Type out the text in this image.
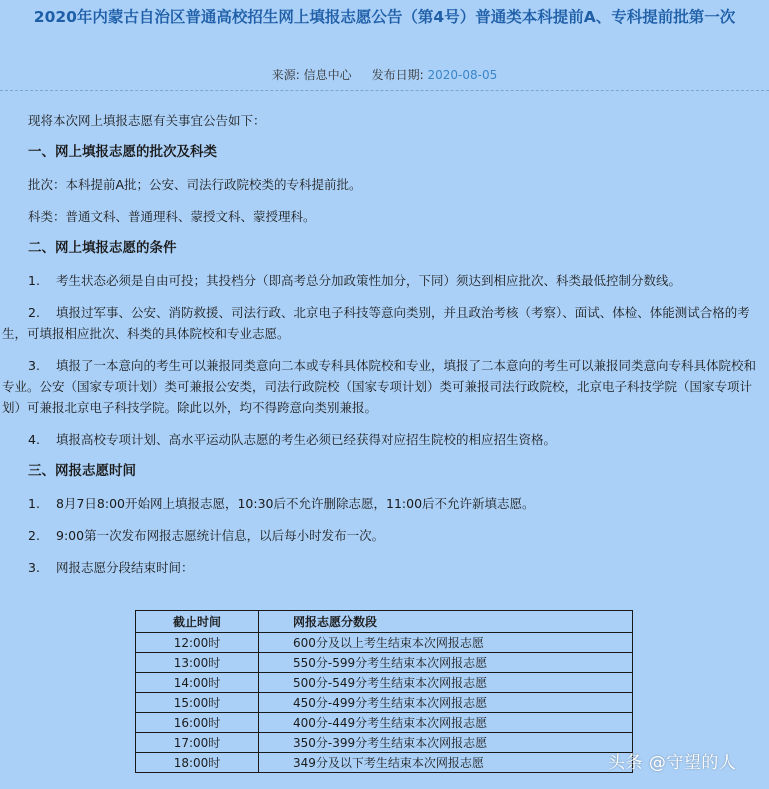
2020年内蒙古自治区普通高校招生网上填报志愿公告（第4号）普通类本科提前A、专科提前批第一次
来源: 信息中心 发布日期: 2020-08-05
现将本次网上填报志愿有关事宜公告如下：
一、网上填报志愿的批次及科类
批次：本科提前A批；公安、司法行政院校类的专科提前批。
科类：普通文科、普通理科、蒙授文科、蒙授理科。
二、网上填报志愿的条件
1. 考生状态必须是自由可投；其投档分（即高考总分加政策性加分，下同）须达到相应批次、科类最低控制分数线。
2. 填报过军事、公安、消防救援、司法行政、北京电子科技等意向类别，并且政治考核（考察）、面试、体检、体能测试合格的考生，可填报相应批次、科类的具体院校和专业志愿。
3. 填报了一本意向的考生可以兼报同类意向二本或专科具体院校和专业，填报了二本意向的考生可以兼报同类意向专科具体院校和专业。公安（国家专项计划）类可兼报公安类，司法行政院校（国家专项计划）类可兼报司法行政院校，北京电子科技学院（国家专项计划）可兼报北京电子科技学院。除此以外，均不得跨意向类别兼报。
4. 填报高校专项计划、高水平运动队志愿的考生必须已经获得对应招生院校的相应招生资格。
三、网报志愿时间
1. 8月7日8:00开始网上填报志愿，10:30后不允许删除志愿，11:00后不允许新填志愿。
2. 9:00第一次发布网报志愿统计信息，以后每小时发布一次。
3. 网报志愿分段结束时间：
截止时间	网报志愿分数段
12:00时	600分及以上考生结束本次网报志愿
13:00时	550分-599分考生结束本次网报志愿
14:00时	500分-549分考生结束本次网报志愿
15:00时	450分-499分考生结束本次网报志愿
16:00时	400分-449分考生结束本次网报志愿
17:00时	350分-399分考生结束本次网报志愿
18:00时	349分及以下考生结束本次网报志愿	头条 @守望的人
